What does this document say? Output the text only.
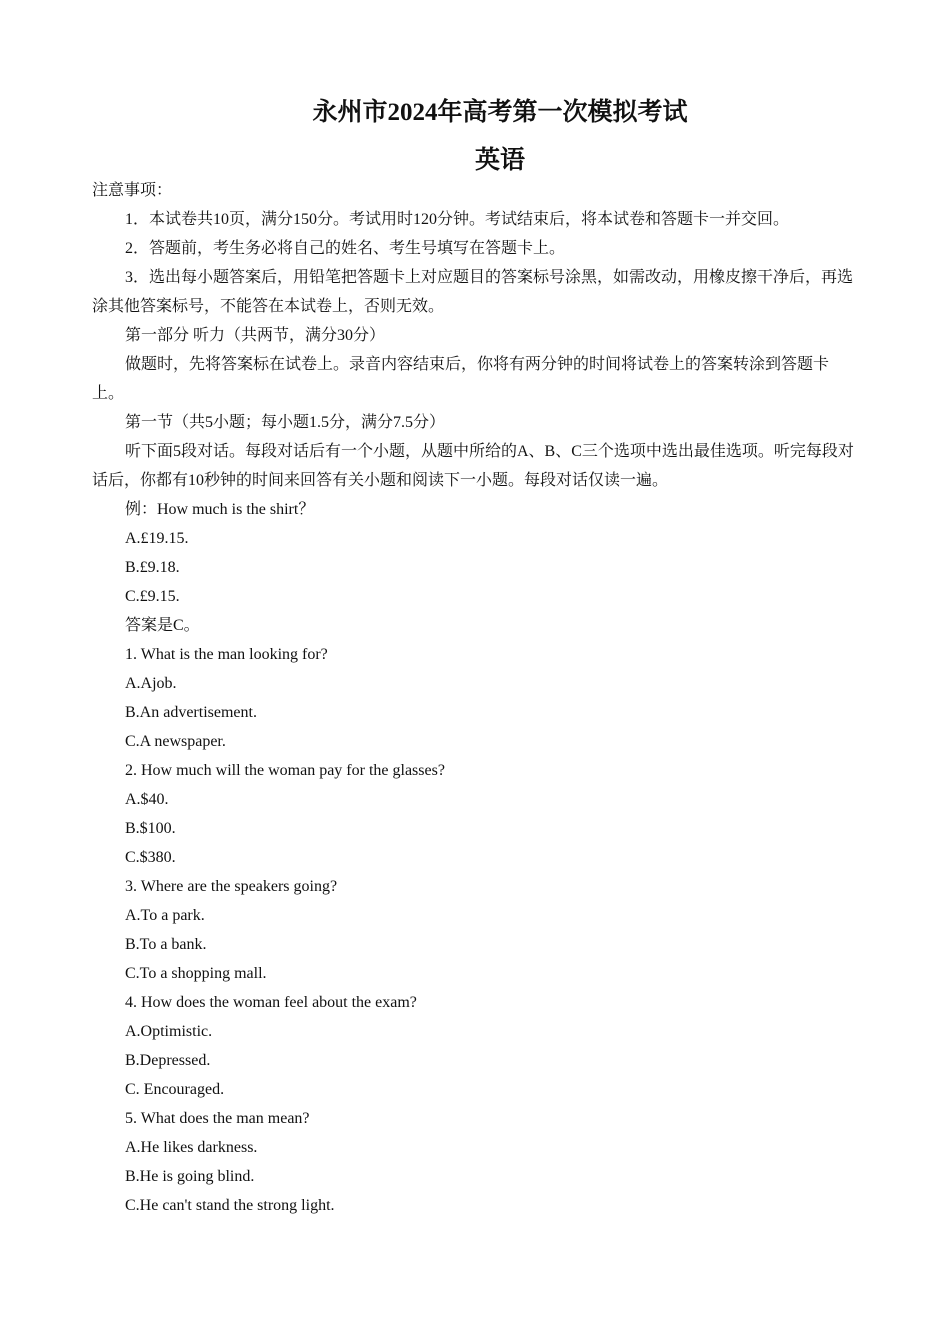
永州市2024年高考第一次模拟考试
英语

注意事项：

1．本试卷共10页，满分150分。考试用时120分钟。考试结束后，将本试卷和答题卡一并交回。

2．答题前，考生务必将自己的姓名、考生号填写在答题卡上。

3．选出每小题答案后，用铅笔把答题卡上对应题目的答案标号涂黑，如需改动，用橡皮擦干净后，再选涂其他答案标号，不能答在本试卷上，否则无效。

第一部分 听力（共两节，满分30分）

做题时，先将答案标在试卷上。录音内容结束后，你将有两分钟的时间将试卷上的答案转涂到答题卡上。

第一节（共5小题；每小题1.5分，满分7.5分）

听下面5段对话。每段对话后有一个小题，从题中所给的A、B、C三个选项中选出最佳选项。听完每段对话后，你都有10秒钟的时间来回答有关小题和阅读下一小题。每段对话仅读一遍。

例：How much is the shirt？

A.£19.15.

B.£9.18.

C.£9.15.

答案是C。

1. What is the man looking for?

A.Ajob.

B.An advertisement.

C.A newspaper.

2. How much will the woman pay for the glasses?

A.$40.

B.$100.

C.$380.

3. Where are the speakers going?

A.To a park.

B.To a bank.

C.To a shopping mall.

4. How does the woman feel about the exam?

A.Optimistic.

B.Depressed.

C. Encouraged.

5. What does the man mean?

A.He likes darkness.

B.He is going blind.

C.He can't stand the strong light.
